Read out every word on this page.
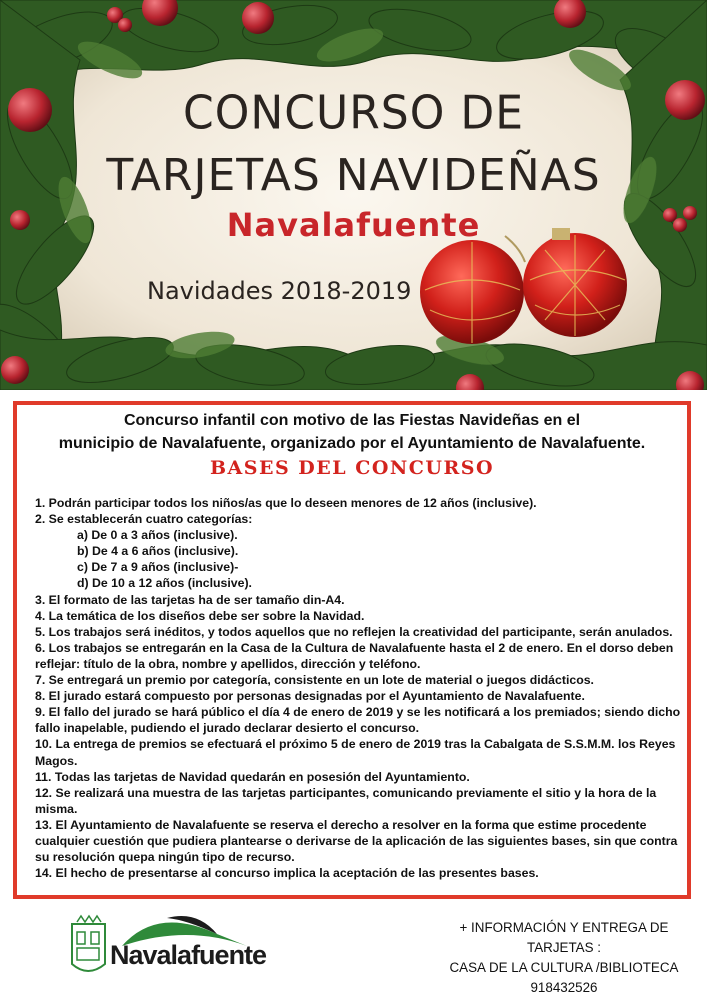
CONCURSO DE
TARJETAS NAVIDEÑAS
Navalafuente
Navidades 2018-2019
Concurso infantil con motivo de las Fiestas Navideñas en el
municipio de Navalafuente, organizado por el Ayuntamiento de Navalafuente.
BASES DEL CONCURSO
1. Podrán participar todos los niños/as que lo deseen menores de 12 años (inclusive).
2. Se establecerán cuatro categorías:
a) De 0 a 3 años (inclusive).
b) De 4 a 6 años (inclusive).
c) De 7 a 9 años (inclusive)-
d) De 10 a 12 años (inclusive).
3. El formato de las tarjetas ha de ser tamaño din-A4.
4. La temática de los diseños debe ser sobre la Navidad.
5. Los trabajos será inéditos, y todos aquellos que no reflejen la creatividad del participante, serán anulados.
6. Los trabajos se entregarán en la Casa de la Cultura de Navalafuente hasta el 2 de enero. En el dorso deben reflejar: título de la obra, nombre y apellidos, dirección y teléfono.
7. Se entregará un premio por categoría, consistente en un lote de material o juegos didácticos.
8. El jurado estará compuesto por personas designadas por el Ayuntamiento de Navalafuente.
9. El fallo del jurado se hará público el día 4 de enero de 2019 y se les notificará a los premiados; siendo dicho fallo inapelable, pudiendo el jurado declarar desierto el concurso.
10. La entrega de premios se efectuará el próximo 5 de enero de 2019 tras la Cabalgata de S.S.M.M. los Reyes Magos.
11. Todas las tarjetas de Navidad quedarán en posesión del Ayuntamiento.
12. Se realizará una muestra de las tarjetas participantes, comunicando previamente el sitio y la hora de la misma.
13. El Ayuntamiento de Navalafuente se reserva el derecho a resolver en la forma que estime procedente cualquier cuestión que pudiera plantearse o derivarse de la aplicación de las siguientes bases, sin que contra su resolución quepa ningún tipo de recurso.
14. El hecho de presentarse al concurso implica la aceptación de las presentes bases.
Navalafuente
+ INFORMACIÓN Y ENTREGA DE
TARJETAS :
CASA DE LA CULTURA /BIBLIOTECA
918432526
